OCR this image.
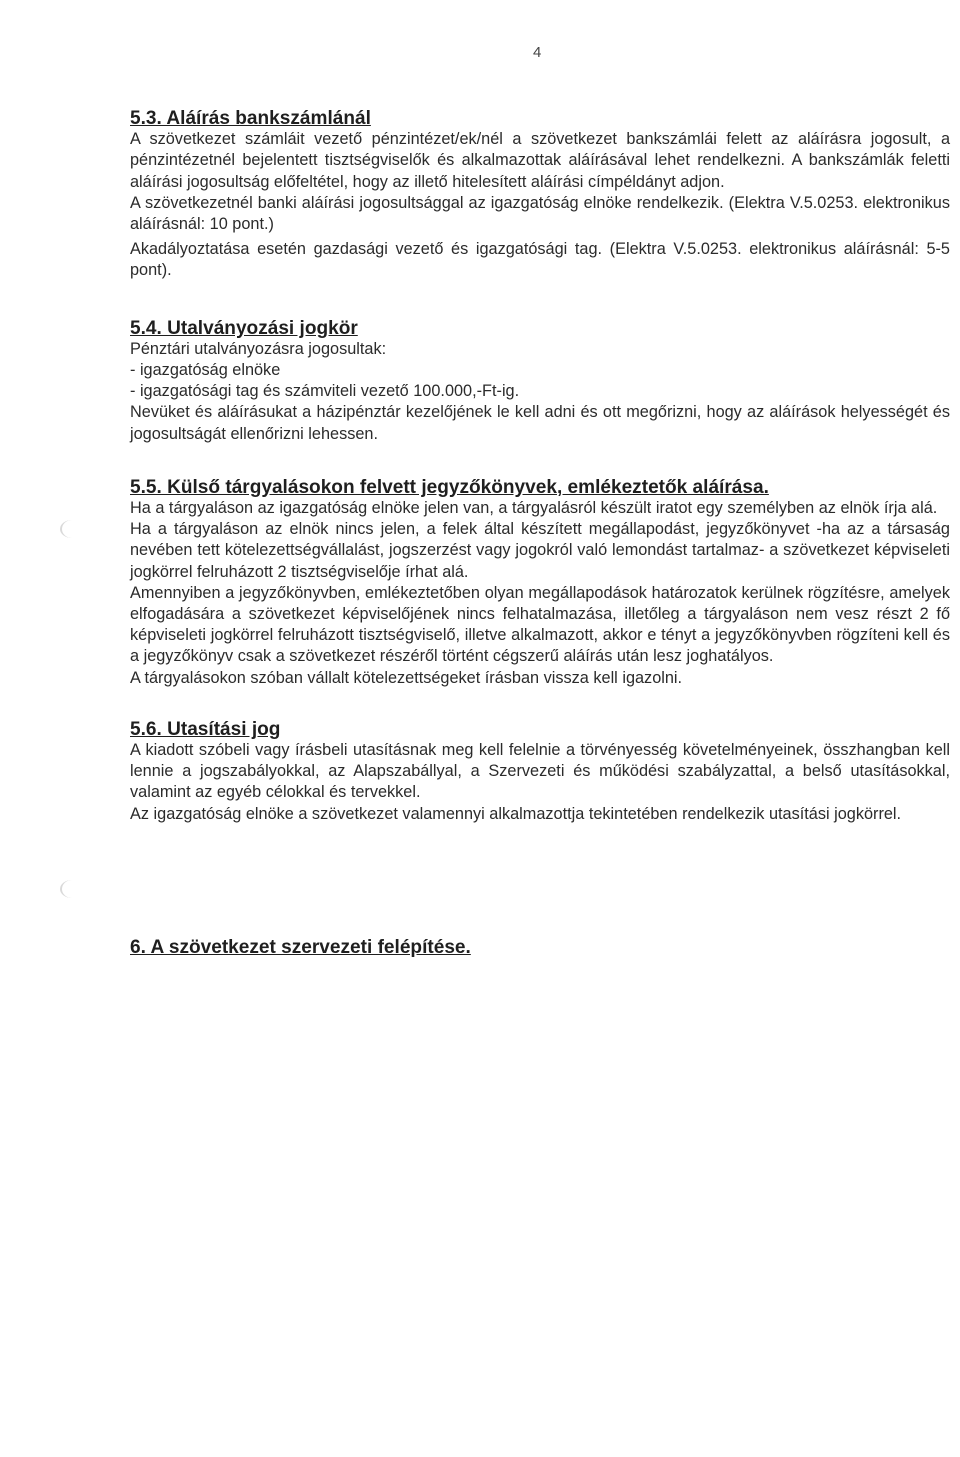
4
5.3. Aláírás bankszámlánál

A szövetkezet számláit vezető pénzintézet/ek/nél a szövetkezet bankszámlái felett az aláírásra jogosult, a pénzintézetnél bejelentett tisztségviselők és alkalmazottak aláírásával lehet rendelkezni. A bankszámlák feletti aláírási jogosultság előfeltétel, hogy az illető hitelesített aláírási címpéldányt adjon.

A szövetkezetnél banki aláírási jogosultsággal az igazgatóság elnöke rendelkezik. (Elektra V.5.0253. elektronikus aláírásnál: 10 pont.)

Akadályoztatása esetén gazdasági vezető és igazgatósági tag. (Elektra V.5.0253. elektronikus aláírásnál: 5-5 pont).

5.4. Utalványozási jogkör

Pénztári utalványozásra jogosultak:

- igazgatóság elnöke

- igazgatósági tag és számviteli vezető 100.000,-Ft-ig.

Nevüket és aláírásukat a házipénztár kezelőjének le kell adni és ott megőrizni, hogy az aláírások helyességét és jogosultságát ellenőrizni lehessen.

5.5. Külső tárgyalásokon felvett jegyzőkönyvek, emlékeztetők aláírása.

Ha a tárgyaláson az igazgatóság elnöke jelen van, a tárgyalásról készült iratot egy személyben az elnök írja alá.

Ha a tárgyaláson az elnök nincs jelen, a felek által készített megállapodást, jegyzőkönyvet -ha az a társaság nevében tett kötelezettségvállalást, jogszerzést vagy jogokról való lemondást tartalmaz- a szövetkezet képviseleti jogkörrel felruházott 2 tisztségviselője írhat alá.

Amennyiben a jegyzőkönyvben, emlékeztetőben olyan megállapodások határozatok kerülnek rögzítésre, amelyek elfogadására a szövetkezet képviselőjének nincs felhatalmazása, illetőleg a tárgyaláson nem vesz részt 2 fő képviseleti jogkörrel felruházott tisztségviselő, illetve alkalmazott, akkor e tényt a jegyzőkönyvben rögzíteni kell és a jegyzőkönyv csak a szövetkezet részéről történt cégszerű aláírás után lesz joghatályos.

A tárgyalásokon szóban vállalt kötelezettségeket írásban vissza kell igazolni.

5.6. Utasítási jog

A kiadott szóbeli vagy írásbeli utasításnak meg kell felelnie a törvényesség követelményeinek, összhangban kell lennie a jogszabályokkal, az Alapszabállyal, a Szervezeti és működési szabályzattal, a belső utasításokkal, valamint az egyéb célokkal és tervekkel.

Az igazgatóság elnöke a szövetkezet valamennyi alkalmazottja tekintetében rendelkezik utasítási jogkörrel.

6. A szövetkezet szervezeti felépítése.
